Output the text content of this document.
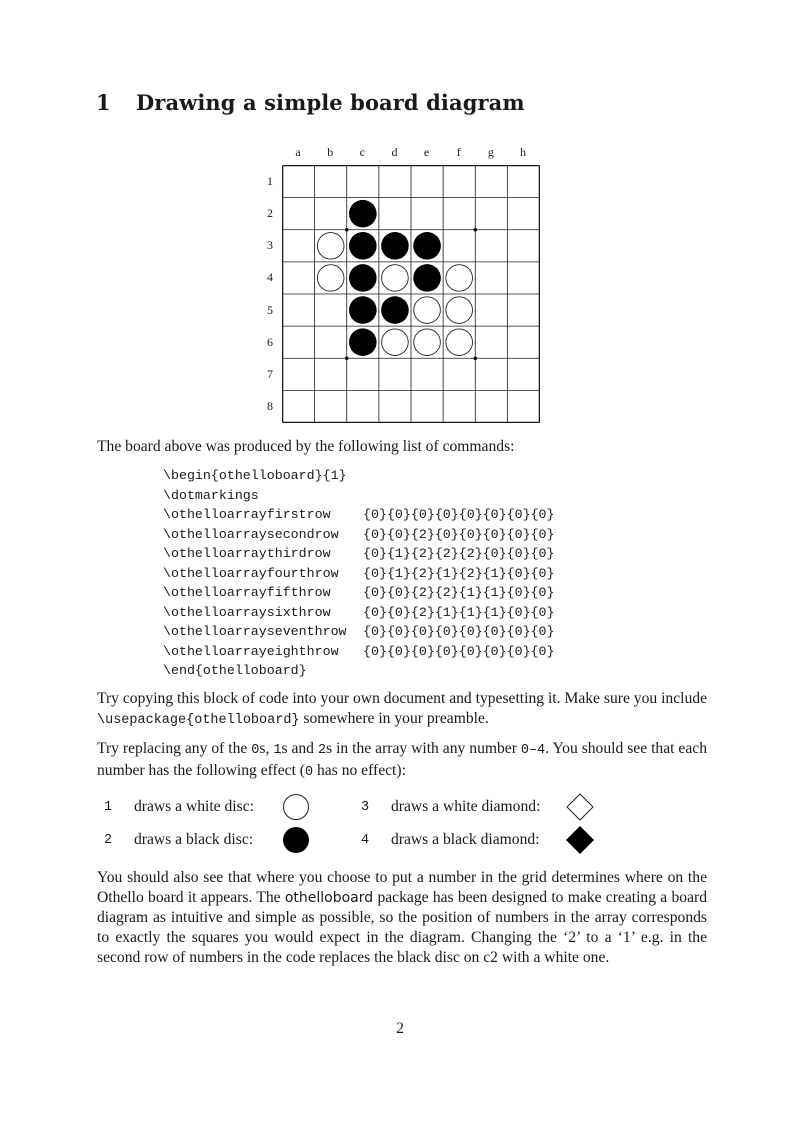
1 Drawing a simple board diagram
a	b	c	d	e	f	g	h
1
2
3
4
5
6
7
8

The board above was produced by the following list of commands:

\begin{othelloboard}{1}
\dotmarkings
\othelloarrayfirstrow {0}{0}{0}{0}{0}{0}{0}{0}
\othelloarraysecondrow {0}{0}{2}{0}{0}{0}{0}{0}
\othelloarraythirdrow {0}{1}{2}{2}{2}{0}{0}{0}
\othelloarrayfourthrow {0}{1}{2}{1}{2}{1}{0}{0}
\othelloarrayfifthrow {0}{0}{2}{2}{1}{1}{0}{0}
\othelloarraysixthrow {0}{0}{2}{1}{1}{1}{0}{0}
\othelloarrayseventhrow {0}{0}{0}{0}{0}{0}{0}{0}
\othelloarrayeighthrow {0}{0}{0}{0}{0}{0}{0}{0}
\end{othelloboard}

Try copying this block of code into your own document and typesetting it. Make sure you include \usepackage{othelloboard} somewhere in your preamble.

Try replacing any of the 0s, 1s and 2s in the array with any number 0–4. You should see that each number has the following effect (0 has no effect):

1	draws a white disc:
2	draws a black disc:
3	draws a white diamond:
4	draws a black diamond:

You should also see that where you choose to put a number in the grid determines where on the Othello board it appears. The othelloboard package has been designed to make creating a board diagram as intuitive and simple as possible, so the position of numbers in the array corresponds to exactly the squares you would expect in the diagram. Changing the ‘2’ to a ‘1’ e.g. in the second row of numbers in the code replaces the black disc on c2 with a white one.

2
